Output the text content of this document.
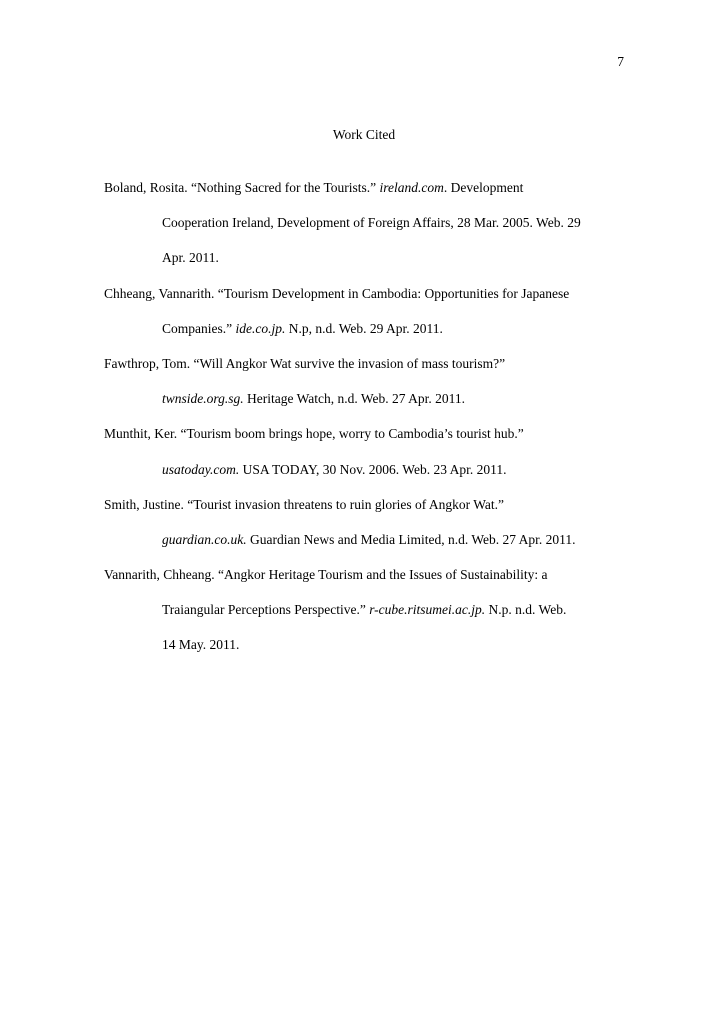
7
Work Cited
Boland, Rosita. “Nothing Sacred for the Tourists.” ireland.com. Development
Cooperation Ireland, Development of Foreign Affairs, 28 Mar. 2005. Web. 29
Apr. 2011.
Chheang, Vannarith. “Tourism Development in Cambodia: Opportunities for Japanese
Companies.” ide.co.jp. N.p, n.d. Web. 29 Apr. 2011.
Fawthrop, Tom. “Will Angkor Wat survive the invasion of mass tourism?”
twnside.org.sg. Heritage Watch, n.d. Web. 27 Apr. 2011.
Munthit, Ker. “Tourism boom brings hope, worry to Cambodia’s tourist hub.”
usatoday.com. USA TODAY, 30 Nov. 2006. Web. 23 Apr. 2011.
Smith, Justine. “Tourist invasion threatens to ruin glories of Angkor Wat.”
guardian.co.uk. Guardian News and Media Limited, n.d. Web. 27 Apr. 2011.
Vannarith, Chheang. “Angkor Heritage Tourism and the Issues of Sustainability: a
Traiangular Perceptions Perspective.” r-cube.ritsumei.ac.jp. N.p. n.d. Web.
14 May. 2011.
